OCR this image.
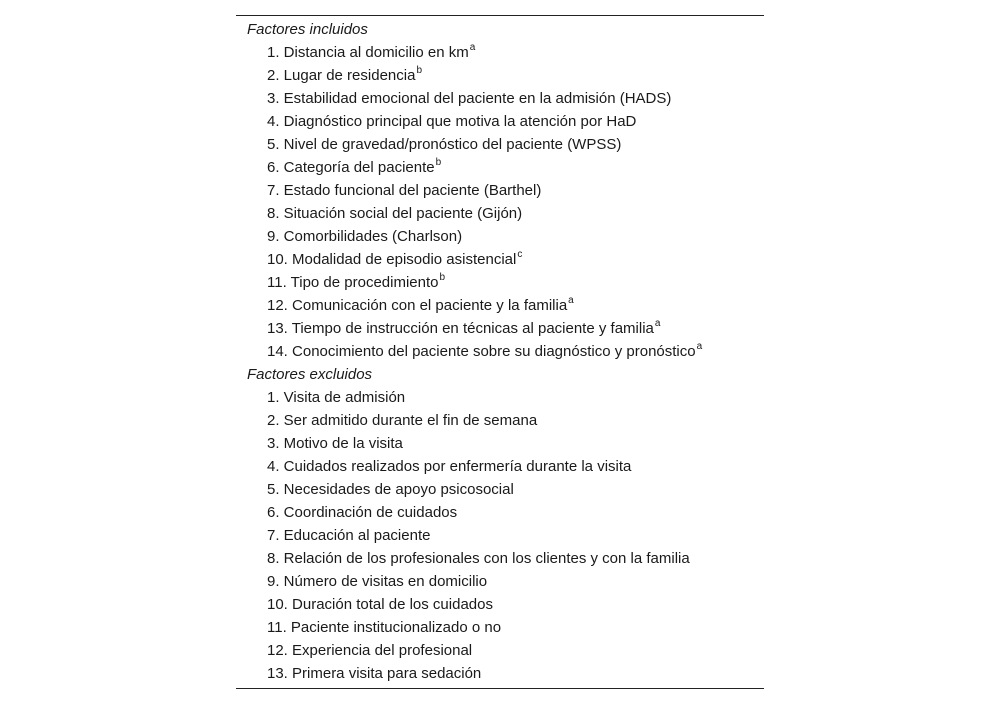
Factores incluidos
1. Distancia al domicilio en $km^a$
2. Lugar de residencia$^b$
3. Estabilidad emocional del paciente en la admisión (HADS)
4. Diagnóstico principal que motiva la atención por HaD
5. Nivel de gravedad/pronóstico del paciente (WPSS)
6. Categoría del paciente$^b$
7. Estado funcional del paciente (Barthel)
8. Situación social del paciente (Gijón)
9. Comorbilidades (Charlson)
10. Modalidad de episodio asistencial$^c$
11. Tipo de procedimiento$^b$
12. Comunicación con el paciente y la familia$^a$
13. Tiempo de instrucción en técnicas al paciente y familia$^a$
14. Conocimiento del paciente sobre su diagnóstico y pronóstico$^a$
Factores excluidos
1. Visita de admisión
2. Ser admitido durante el fin de semana
3. Motivo de la visita
4. Cuidados realizados por enfermería durante la visita
5. Necesidades de apoyo psicosocial
6. Coordinación de cuidados
7. Educación al paciente
8. Relación de los profesionales con los clientes y con la familia
9. Número de visitas en domicilio
10. Duración total de los cuidados
11. Paciente institucionalizado o no
12. Experiencia del profesional
13. Primera visita para sedación
